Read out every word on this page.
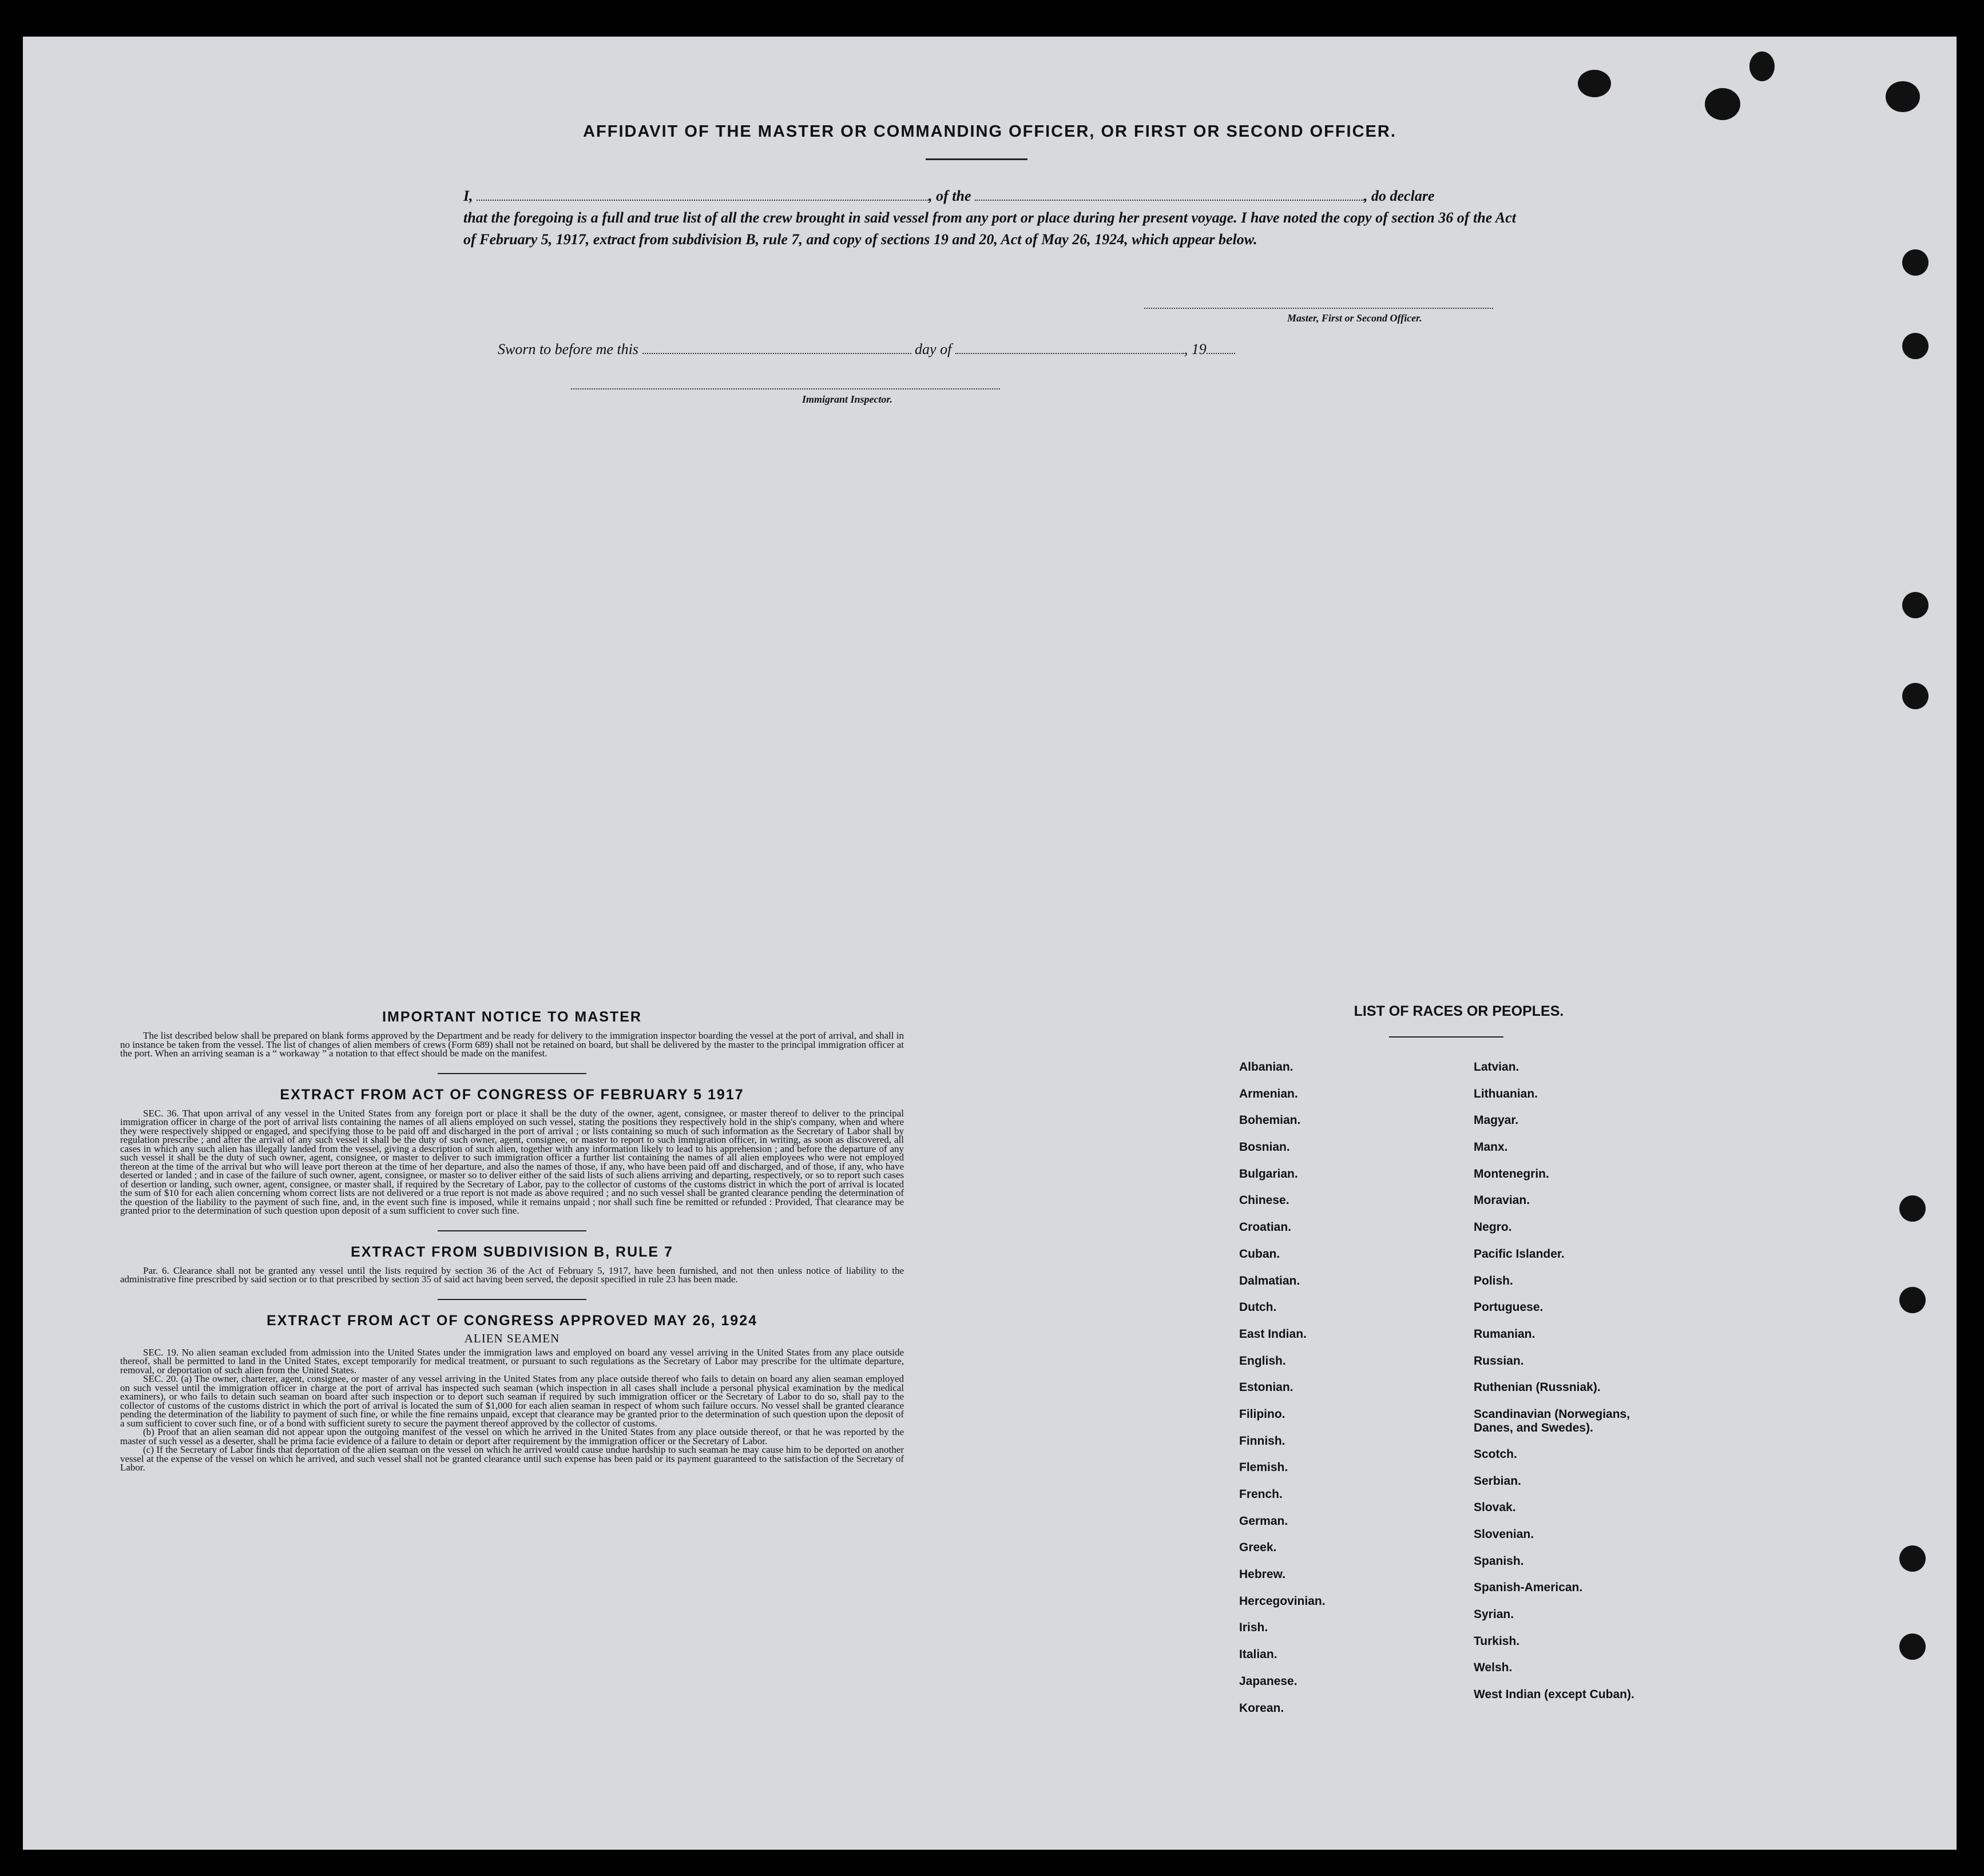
AFFIDAVIT OF THE MASTER OR COMMANDING OFFICER, OR FIRST OR SECOND OFFICER.
I,	, of the	, do declare
that the foregoing is a full and true list of all the crew brought in said vessel from any port or place during her present voyage. I have noted the copy of section 36 of the Act of February 5, 1917, extract from subdivision B, rule 7, and copy of sections 19 and 20, Act of May 26, 1924, which appear below.
Master, First or Second Officer.
Sworn to before me this	day of	, 19
Immigrant Inspector.
IMPORTANT NOTICE TO MASTER

The list described below shall be prepared on blank forms approved by the Department and be ready for delivery to the immigration inspector boarding the vessel at the port of arrival, and shall in no instance be taken from the vessel. The list of changes of alien members of crews (Form 689) shall not be retained on board, but shall be delivered by the master to the principal immigration officer at the port. When an arriving seaman is a “ workaway ” a notation to that effect should be made on the manifest.

EXTRACT FROM ACT OF CONGRESS OF FEBRUARY 5 1917

SEC. 36. That upon arrival of any vessel in the United States from any foreign port or place it shall be the duty of the owner, agent, consignee, or master thereof to deliver to the principal immigration officer in charge of the port of arrival lists containing the names of all aliens employed on such vessel, stating the positions they respectively hold in the ship's company, when and where they were respectively shipped or engaged, and specifying those to be paid off and discharged in the port of arrival ; or lists containing so much of such information as the Secretary of Labor shall by regulation prescribe ; and after the arrival of any such vessel it shall be the duty of such owner, agent, consignee, or master to report to such immigration officer, in writing, as soon as discovered, all cases in which any such alien has illegally landed from the vessel, giving a description of such alien, together with any information likely to lead to his apprehension ; and before the departure of any such vessel it shall be the duty of such owner, agent, consignee, or master to deliver to such immigration officer a further list containing the names of all alien employees who were not employed thereon at the time of the arrival but who will leave port thereon at the time of her departure, and also the names of those, if any, who have been paid off and discharged, and of those, if any, who have deserted or landed ; and in case of the failure of such owner, agent, consignee, or master so to deliver either of the said lists of such aliens arriving and departing, respectively, or so to report such cases of desertion or landing, such owner, agent, consignee, or master shall, if required by the Secretary of Labor, pay to the collector of customs of the customs district in which the port of arrival is located the sum of $10 for each alien concerning whom correct lists are not delivered or a true report is not made as above required ; and no such vessel shall be granted clearance pending the determination of the question of the liability to the payment of such fine, and, in the event such fine is imposed, while it remains unpaid ; nor shall such fine be remitted or refunded : Provided, That clearance may be granted prior to the determination of such question upon deposit of a sum sufficient to cover such fine.

EXTRACT FROM SUBDIVISION B, RULE 7

Par. 6. Clearance shall not be granted any vessel until the lists required by section 36 of the Act of February 5, 1917, have been furnished, and not then unless notice of liability to the administrative fine prescribed by said section or to that prescribed by section 35 of said act having been served, the deposit specified in rule 23 has been made.

EXTRACT FROM ACT OF CONGRESS APPROVED MAY 26, 1924
ALIEN SEAMEN

SEC. 19. No alien seaman excluded from admission into the United States under the immigration laws and employed on board any vessel arriving in the United States from any place outside thereof, shall be permitted to land in the United States, except temporarily for medical treatment, or pursuant to such regulations as the Secretary of Labor may prescribe for the ultimate departure, removal, or deportation of such alien from the United States.

SEC. 20. (a) The owner, charterer, agent, consignee, or master of any vessel arriving in the United States from any place outside thereof who fails to detain on board any alien seaman employed on such vessel until the immigration officer in charge at the port of arrival has inspected such seaman (which inspection in all cases shall include a personal physical examination by the medical examiners), or who fails to detain such seaman on board after such inspection or to deport such seaman if required by such immigration officer or the Secretary of Labor to do so, shall pay to the collector of customs of the customs district in which the port of arrival is located the sum of $1,000 for each alien seaman in respect of whom such failure occurs. No vessel shall be granted clearance pending the determination of the liability to payment of such fine, or while the fine remains unpaid, except that clearance may be granted prior to the determination of such question upon the deposit of a sum sufficient to cover such fine, or of a bond with sufficient surety to secure the payment thereof approved by the collector of customs.

(b) Proof that an alien seaman did not appear upon the outgoing manifest of the vessel on which he arrived in the United States from any place outside thereof, or that he was reported by the master of such vessel as a deserter, shall be prima facie evidence of a failure to detain or deport after requirement by the immigration officer or the Secretary of Labor.

(c) If the Secretary of Labor finds that deportation of the alien seaman on the vessel on which he arrived would cause undue hardship to such seaman he may cause him to be deported on another vessel at the expense of the vessel on which he arrived, and such vessel shall not be granted clearance until such expense has been paid or its payment guaranteed to the satisfaction of the Secretary of Labor.

LIST OF RACES OR PEOPLES.
Albanian.
Armenian.
Bohemian.
Bosnian.
Bulgarian.
Chinese.
Croatian.
Cuban.
Dalmatian.
Dutch.
East Indian.
English.
Estonian.
Filipino.
Finnish.
Flemish.
French.
German.
Greek.
Hebrew.
Hercegovinian.
Irish.
Italian.
Japanese.
Korean.
Latvian.
Lithuanian.
Magyar.
Manx.
Montenegrin.
Moravian.
Negro.
Pacific Islander.
Polish.
Portuguese.
Rumanian.
Russian.
Ruthenian (Russniak).
Scandinavian (Norwegians, Danes, and Swedes).
Scotch.
Serbian.
Slovak.
Slovenian.
Spanish.
Spanish-American.
Syrian.
Turkish.
Welsh.
West Indian (except Cuban).
